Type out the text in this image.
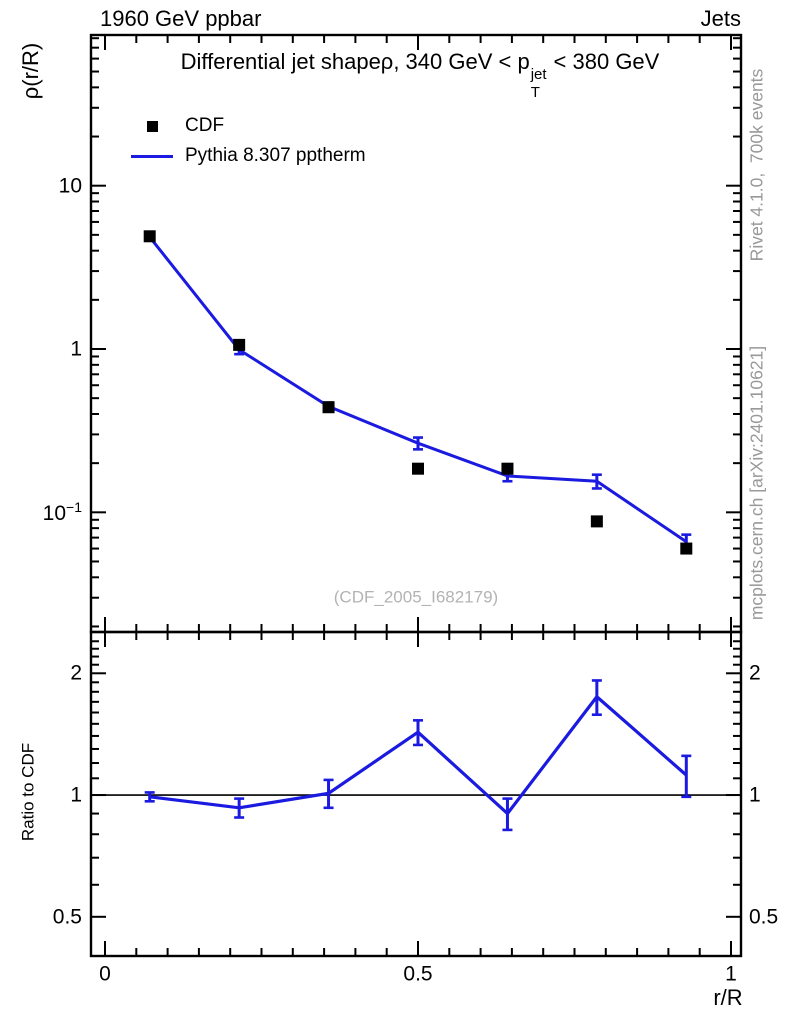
1960 GeV ppbar	Jets
Differential jet shapeρ, 340 GeV < p
jet
T
< 380 GeV
CDF
Pythia 8.307 pptherm
ρ(r/R)
Ratio to CDF
r/R
Rivet 4.1.0,  700k events
mcplots.cern.ch [arXiv:2401.10621]
(CDF_2005_I682179)
10
1
$10^{-1}$
0.5	0.5
1	1
2	2
0	0.5	1
